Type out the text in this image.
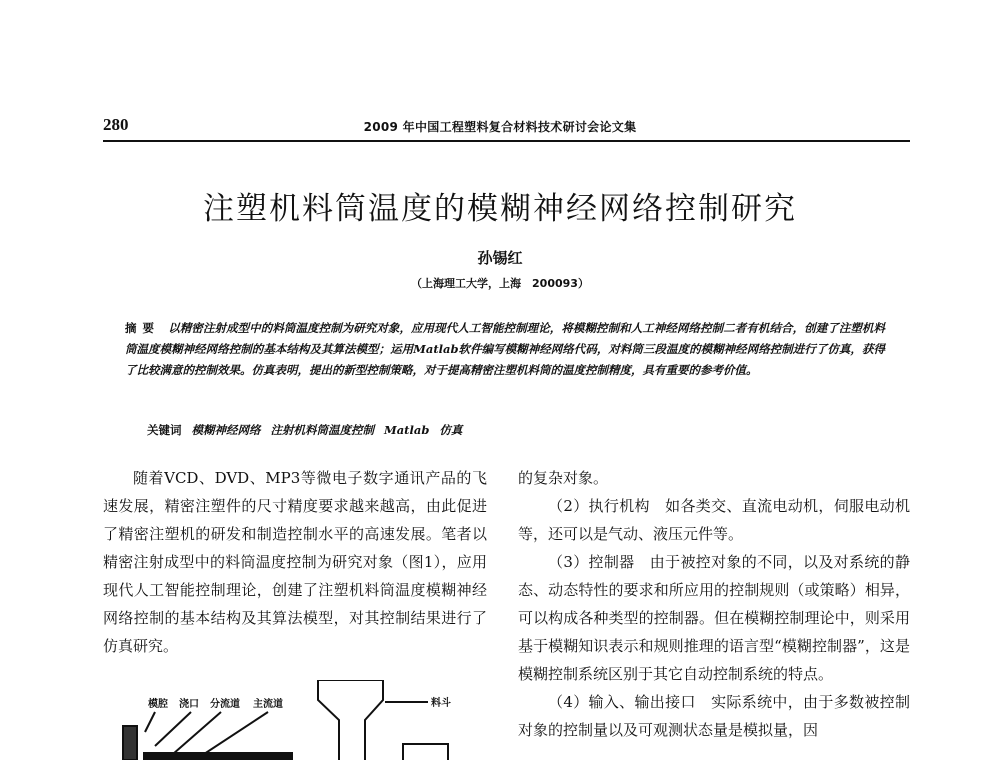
280	2009 年中国工程塑料复合材料技术研讨会论文集
注塑机料筒温度的模糊神经网络控制研究
孙锡红
（上海理工大学，上海　200093）
摘要 以精密注射成型中的料筒温度控制为研究对象，应用现代人工智能控制理论，将模糊控制和人工神经网络控制二者有机结合，创建了注塑机料筒温度模糊神经网络控制的基本结构及其算法模型；运用Matlab软件编写模糊神经网络代码，对料筒三段温度的模糊神经网络控制进行了仿真，获得了比较满意的控制效果。仿真表明，提出的新型控制策略，对于提高精密注塑机料筒的温度控制精度，具有重要的参考价值。
关键词 模糊神经网络 注射机料筒温度控制 Matlab 仿真

随着VCD、DVD、MP3等微电子数字通讯产品的飞速发展，精密注塑件的尺寸精度要求越来越高，由此促进了精密注塑机的研发和制造控制水平的高速发展。笔者以精密注射成型中的料筒温度控制为研究对象（图1），应用现代人工智能控制理论，创建了注塑机料筒温度模糊神经网络控制的基本结构及其算法模型，对其控制结果进行了仿真研究。

的复杂对象。

（2）执行机构　如各类交、直流电动机，伺服电动机等，还可以是气动、液压元件等。

（3）控制器　由于被控对象的不同，以及对系统的静态、动态特性的要求和所应用的控制规则（或策略）相异，可以构成各种类型的控制器。但在模糊控制理论中，则采用基于模糊知识表示和规则推理的语言型“模糊控制器”，这是模糊控制系统区别于其它自动控制系统的特点。

（4）输入、输出接口　实际系统中，由于多数被控制对象的控制量以及可观测状态量是模拟量，因

模腔 浇口 分流道 主流道	料斗
